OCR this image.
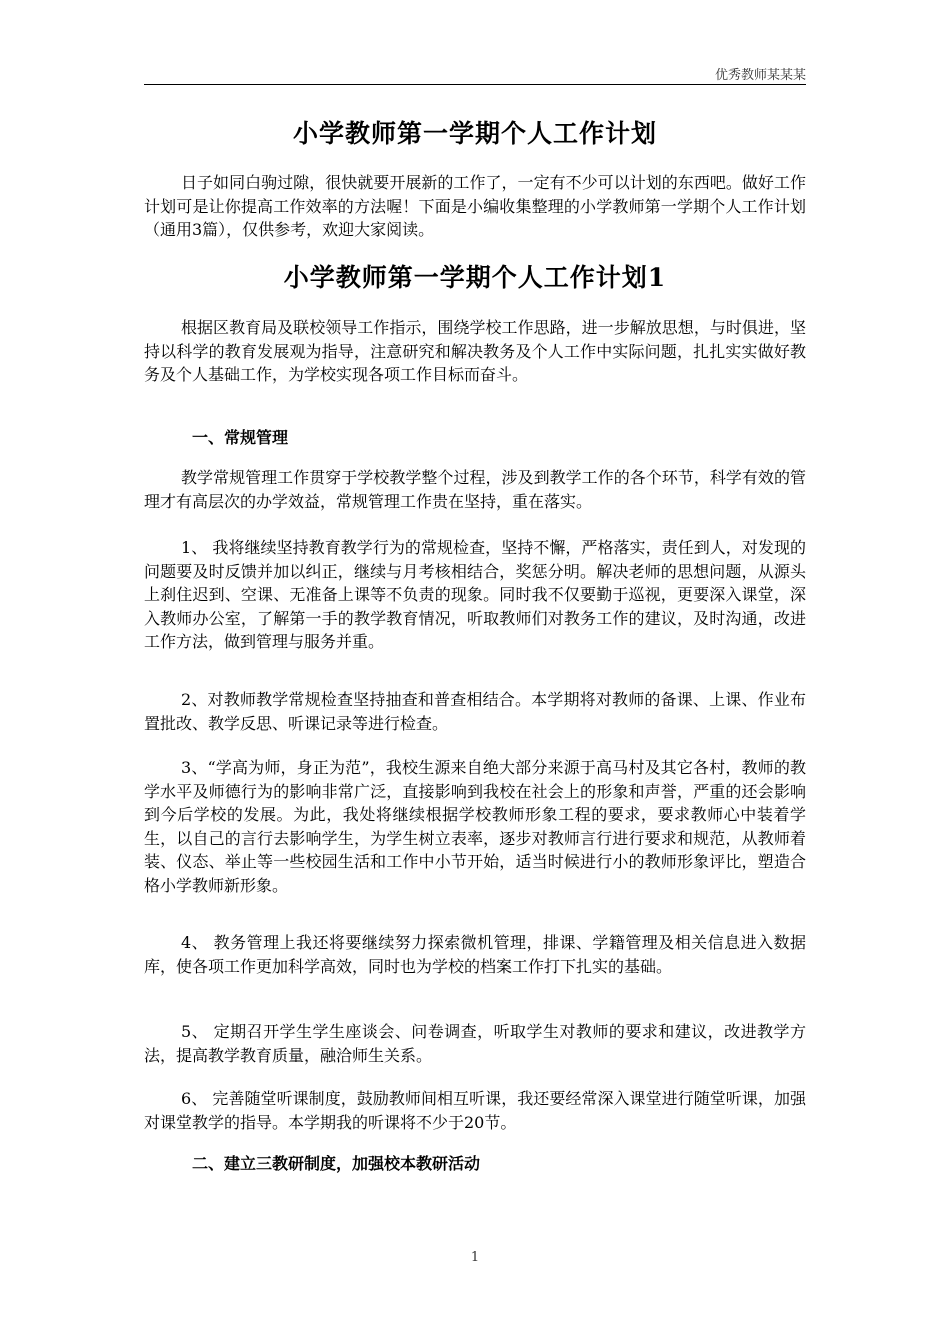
优秀教师某某某
小学教师第一学期个人工作计划

日子如同白驹过隙，很快就要开展新的工作了，一定有不少可以计划的东西吧。做好工作计划可是让你提高工作效率的方法喔！下面是小编收集整理的小学教师第一学期个人工作计划（通用3篇），仅供参考，欢迎大家阅读。

小学教师第一学期个人工作计划1

根据区教育局及联校领导工作指示，围绕学校工作思路，进一步解放思想，与时俱进，坚持以科学的教育发展观为指导，注意研究和解决教务及个人工作中实际问题，扎扎实实做好教务及个人基础工作，为学校实现各项工作目标而奋斗。

一、常规管理

教学常规管理工作贯穿于学校教学整个过程，涉及到教学工作的各个环节，科学有效的管理才有高层次的办学效益，常规管理工作贵在坚持，重在落实。

1、 我将继续坚持教育教学行为的常规检查，坚持不懈，严格落实，责任到人，对发现的问题要及时反馈并加以纠正，继续与月考核相结合，奖惩分明。解决老师的思想问题，从源头上刹住迟到、空课、无准备上课等不负责的现象。同时我不仅要勤于巡视，更要深入课堂，深入教师办公室，了解第一手的教学教育情况，听取教师们对教务工作的建议，及时沟通，改进工作方法，做到管理与服务并重。

2、对教师教学常规检查坚持抽查和普查相结合。本学期将对教师的备课、上课、作业布置批改、教学反思、听课记录等进行检查。

3、“学高为师，身正为范”，我校生源来自绝大部分来源于高马村及其它各村，教师的教学水平及师德行为的影响非常广泛，直接影响到我校在社会上的形象和声誉，严重的还会影响到今后学校的发展。为此，我处将继续根据学校教师形象工程的要求，要求教师心中装着学生，以自己的言行去影响学生，为学生树立表率，逐步对教师言行进行要求和规范，从教师着装、仪态、举止等一些校园生活和工作中小节开始，适当时候进行小的教师形象评比，塑造合格小学教师新形象。

4、 教务管理上我还将要继续努力探索微机管理，排课、学籍管理及相关信息进入数据库，使各项工作更加科学高效，同时也为学校的档案工作打下扎实的基础。

5、 定期召开学生学生座谈会、问卷调查，听取学生对教师的要求和建议，改进教学方法，提高教学教育质量，融洽师生关系。

6、 完善随堂听课制度，鼓励教师间相互听课，我还要经常深入课堂进行随堂听课，加强对课堂教学的指导。本学期我的听课将不少于20节。

二、建立三教研制度，加强校本教研活动

1
